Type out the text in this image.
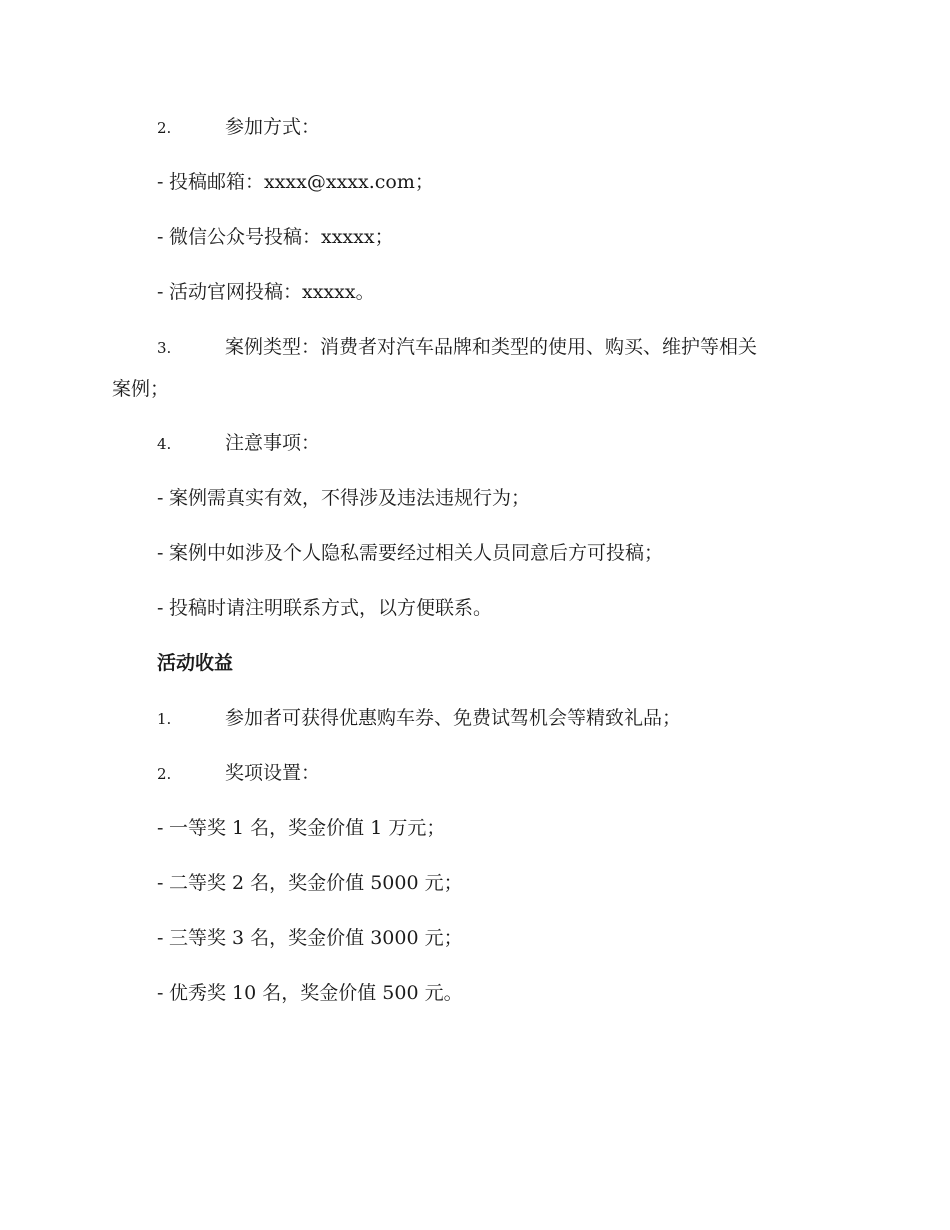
2.	参加方式：
- 投稿邮箱：xxxx@xxxx.com；
- 微信公众号投稿：xxxxx；
- 活动官网投稿：xxxxx。
3.	案例类型：消费者对汽车品牌和类型的使用、购买、维护等相关
案例；
4.	注意事项：
- 案例需真实有效，不得涉及违法违规行为；
- 案例中如涉及个人隐私需要经过相关人员同意后方可投稿；
- 投稿时请注明联系方式，以方便联系。
活动收益
1.	参加者可获得优惠购车券、免费试驾机会等精致礼品；
2.	奖项设置：
- 一等奖 1 名，奖金价值 1 万元；
- 二等奖 2 名，奖金价值 5000 元；
- 三等奖 3 名，奖金价值 3000 元；
- 优秀奖 10 名，奖金价值 500 元。
